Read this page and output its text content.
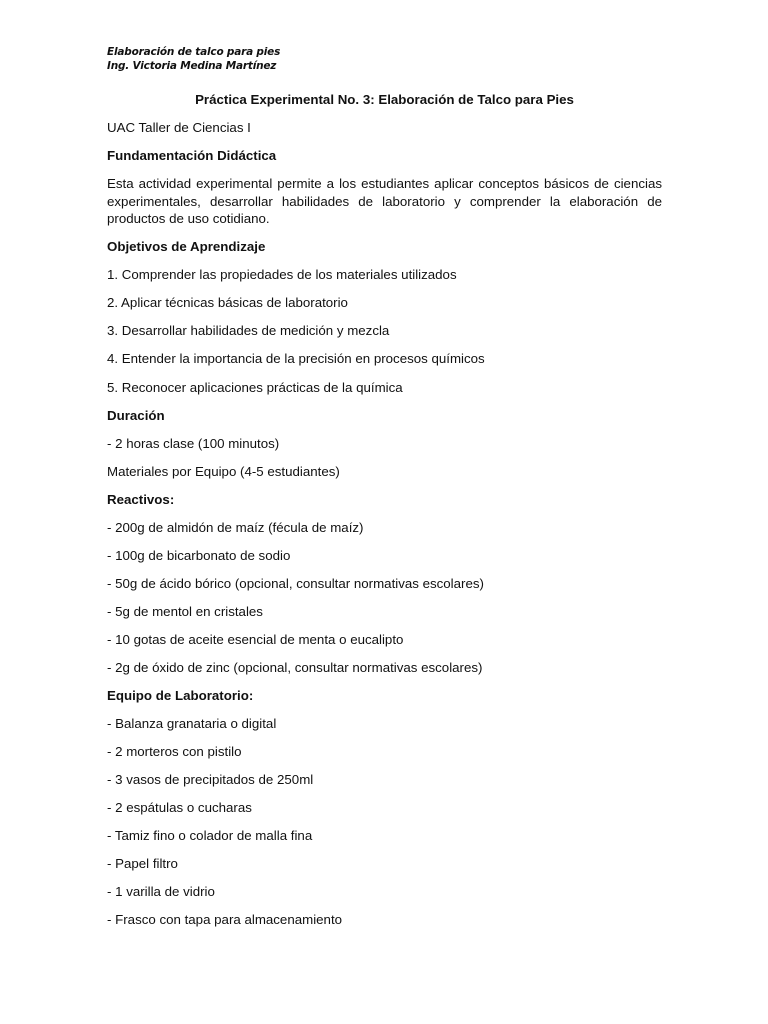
Elaboración de talco para pies
Ing. Victoria Medina Martínez
Práctica Experimental No. 3: Elaboración de Talco para Pies
UAC Taller de Ciencias I
Fundamentación Didáctica
Esta actividad experimental permite a los estudiantes aplicar conceptos básicos de ciencias experimentales, desarrollar habilidades de laboratorio y comprender la elaboración de productos de uso cotidiano.
Objetivos de Aprendizaje
1. Comprender las propiedades de los materiales utilizados
2. Aplicar técnicas básicas de laboratorio
3. Desarrollar habilidades de medición y mezcla
4. Entender la importancia de la precisión en procesos químicos
5. Reconocer aplicaciones prácticas de la química
Duración
- 2 horas clase (100 minutos)
Materiales por Equipo (4-5 estudiantes)
Reactivos:
- 200g de almidón de maíz (fécula de maíz)
- 100g de bicarbonato de sodio
- 50g de ácido bórico (opcional, consultar normativas escolares)
- 5g de mentol en cristales
- 10 gotas de aceite esencial de menta o eucalipto
- 2g de óxido de zinc (opcional, consultar normativas escolares)
Equipo de Laboratorio:
- Balanza granataria o digital
- 2 morteros con pistilo
- 3 vasos de precipitados de 250ml
- 2 espátulas o cucharas
- Tamiz fino o colador de malla fina
- Papel filtro
- 1 varilla de vidrio
- Frasco con tapa para almacenamiento
